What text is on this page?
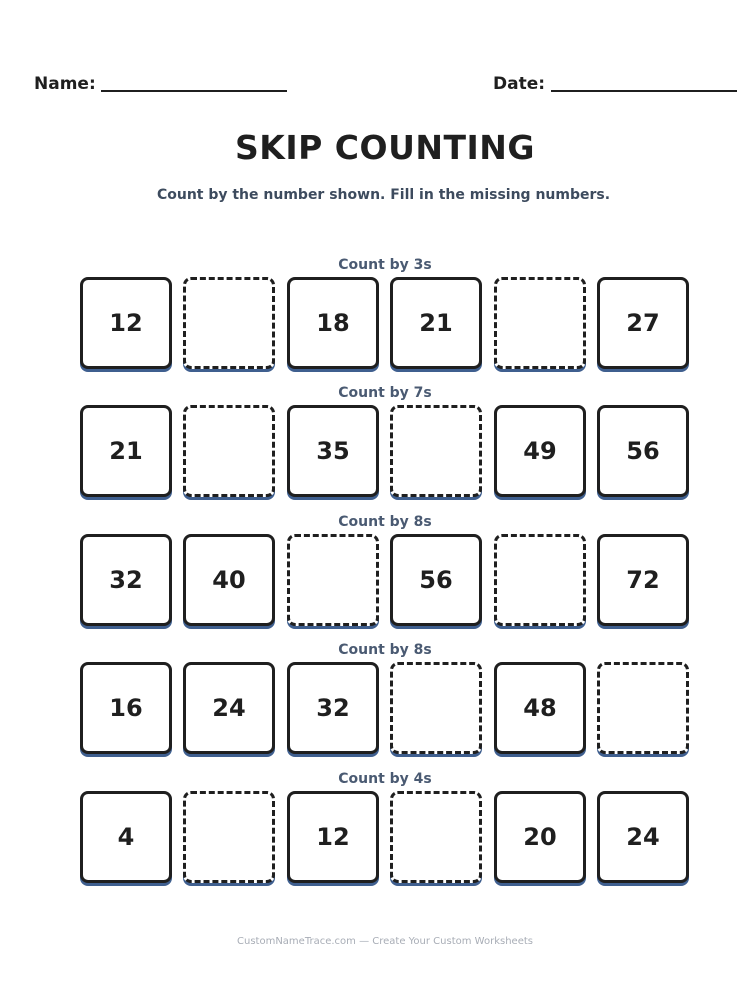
Name:	Date:
SKIP COUNTING
Count by the number shown. Fill in the missing numbers.
Count by 3s
12	18	21	27
Count by 7s
21	35	49	56
Count by 8s
32	40	56	72
Count by 8s
16	24	32	48
Count by 4s
4	12	20	24
CustomNameTrace.com — Create Your Custom Worksheets
